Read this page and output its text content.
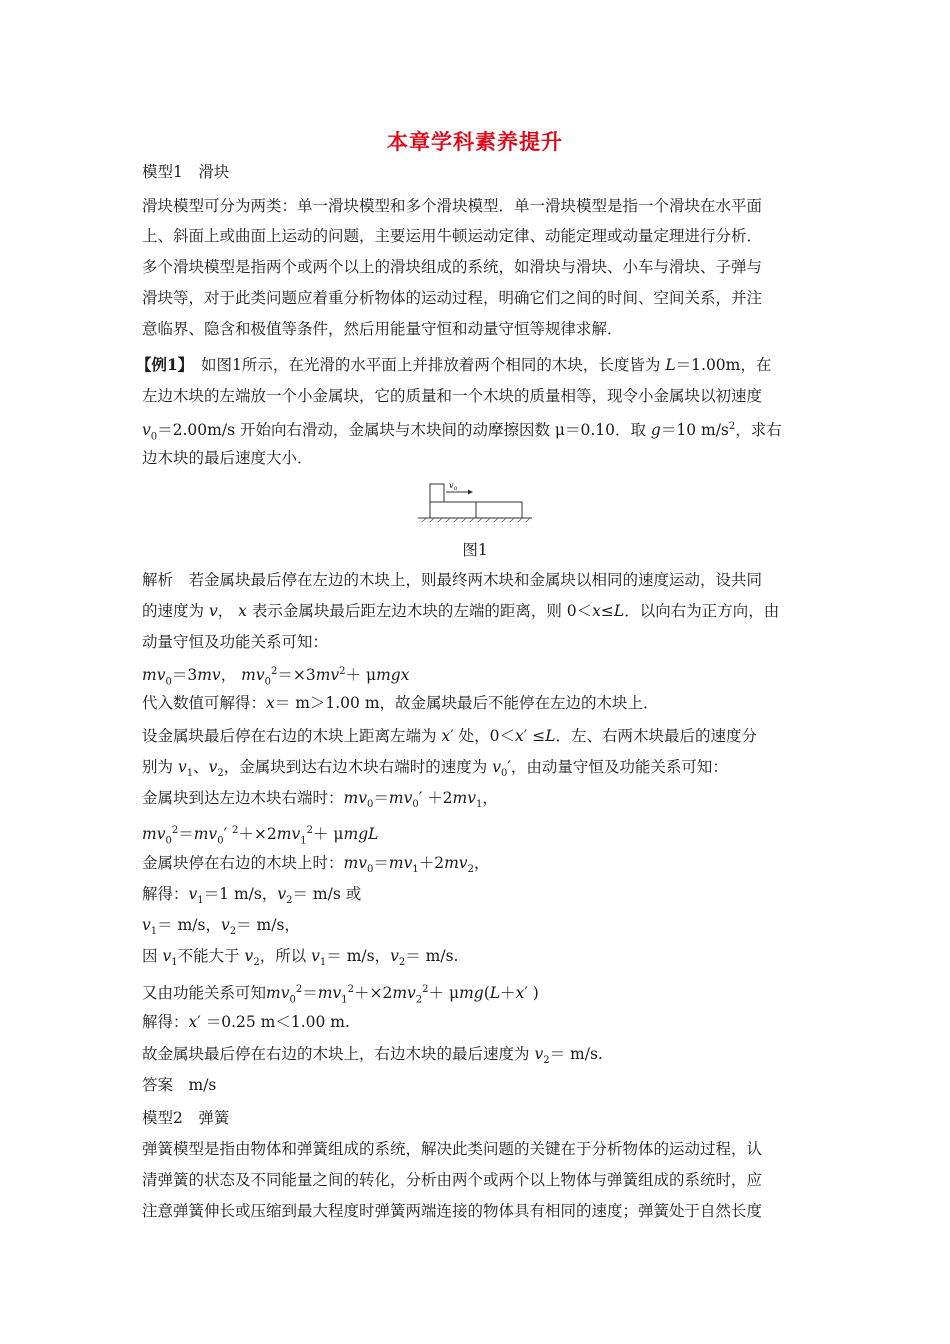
本章学科素养提升
模型1　滑块
滑块模型可分为两类：单一滑块模型和多个滑块模型．单一滑块模型是指一个滑块在水平面
上、斜面上或曲面上运动的问题，主要运用牛顿运动定律、动能定理或动量定理进行分析．
多个滑块模型是指两个或两个以上的滑块组成的系统，如滑块与滑块、小车与滑块、子弹与
滑块等，对于此类问题应着重分析物体的运动过程，明确它们之间的时间、空间关系，并注
意临界、隐含和极值等条件，然后用能量守恒和动量守恒等规律求解．
【例1】　如图1所示，在光滑的水平面上并排放着两个相同的木块，长度皆为 L＝1.00m，在
左边木块的左端放一个小金属块，它的质量和一个木块的质量相等，现令小金属块以初速度
$v_0=2.00m/s$ 开始向右滑动，金属块与木块间的动摩擦因数 μ＝0.10．取 g＝10 $m/s^2$，求右
边木块的最后速度大小．
v 0
图1
解析　若金属块最后停在左边的木块上，则最终两木块和金属块以相同的速度运动，设共同
的速度为 v， x 表示金属块最后距左边木块的左端的距离，则 0＜x≤L．以向右为正方向，由
动量守恒及功能关系可知：
$mv_0=3mv$， $mv_0^2=\times 3mv^2+ \mu mgx$
代入数值可解得：x＝ m＞1.00 m，故金属块最后不能停在左边的木块上．
设金属块最后停在右边的木块上距离左端为 x′ 处，0＜x′ ≤L．左、右两木块最后的速度分
别为 $v_1$、$v_2$，金属块到达右边木块右端时的速度为 $v_0'$，由动量守恒及功能关系可知：
金属块到达左边木块右端时：$mv_0=mv_0' +2mv_1$，
$mv_0^2=mv_0'$ $^2+\times 2mv_1^2+ \mu mgL$
金属块停在右边的木块上时：$mv_0=mv_1+2mv_2$，
解得：$v_1=1$ m/s，$v_2= m/s$ 或
$v_1= m/s$，$v_2= m/s$，
因 $v_1$不能大于 $v_2$，所以 $v_1= m/s$，$v_2= m/s$.
又由功能关系可知$mv_0^2=mv_1^2+\times 2mv_2^2+ \mu mg(L+x'$ )
解得：x′ ＝0.25 m＜1.00 m.
故金属块最后停在右边的木块上，右边木块的最后速度为 $v_2= m/s$.
答案　m/s
模型2　弹簧
弹簧模型是指由物体和弹簧组成的系统，解决此类问题的关键在于分析物体的运动过程，认
清弹簧的状态及不同能量之间的转化，分析由两个或两个以上物体与弹簧组成的系统时，应
注意弹簧伸长或压缩到最大程度时弹簧两端连接的物体具有相同的速度；弹簧处于自然长度
